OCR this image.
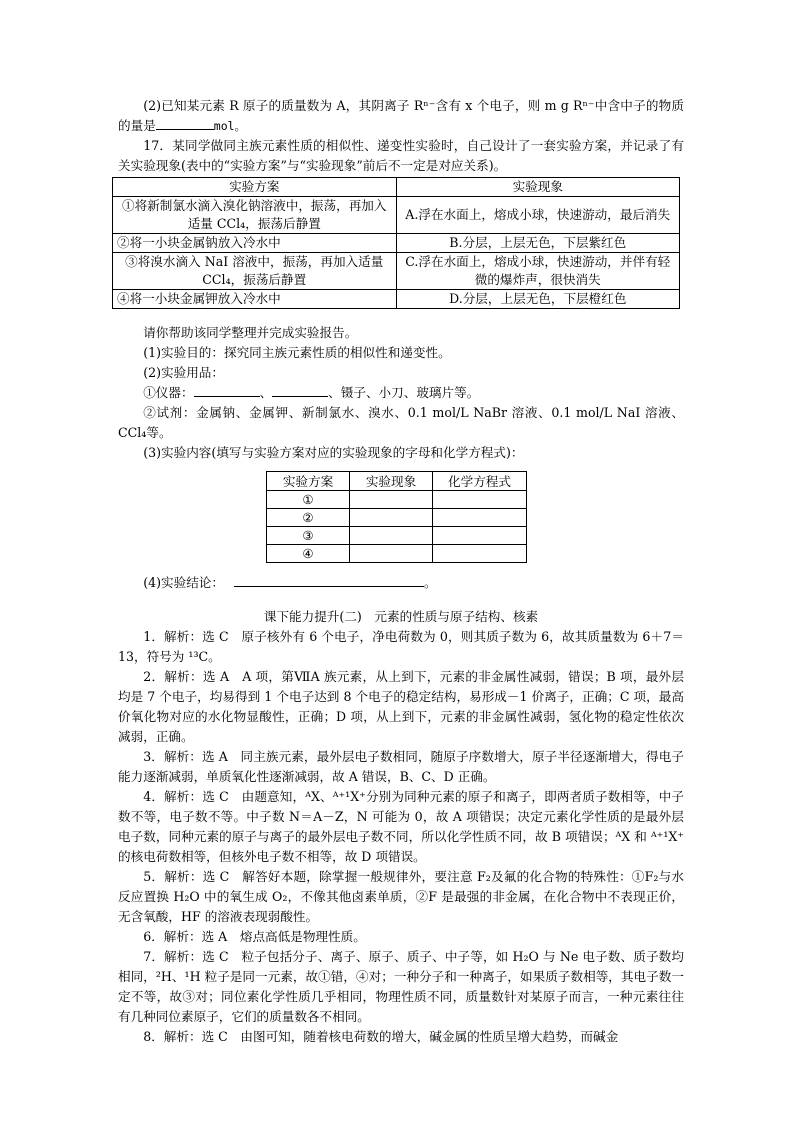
(2)已知某元素 R 原子的质量数为 A，其阴离子 Rⁿ⁻含有 x 个电子，则 m g Rⁿ⁻中含中子的物质的量是	mol。

17．某同学做同主族元素性质的相似性、递变性实验时，自己设计了一套实验方案，并记录了有关实验现象(表中的“实验方案”与“实验现象”前后不一定是对应关系)。

实验方案	实验现象
①将新制氯水滴入溴化钠溶液中，振荡，再加入适量 CCl₄，振荡后静置	A.浮在水面上，熔成小球，快速游动，最后消失
②将一小块金属钠放入冷水中	B.分层，上层无色，下层紫红色
③将溴水滴入 NaI 溶液中，振荡，再加入适量 CCl₄，振荡后静置	C.浮在水面上，熔成小球，快速游动，并伴有轻微的爆炸声，很快消失
④将一小块金属钾放入冷水中	D.分层，上层无色，下层橙红色

请你帮助该同学整理并完成实验报告。

(1)实验目的：探究同主族元素性质的相似性和递变性。

(2)实验用品：

①仪器：	、	、镊子、小刀、玻璃片等。

②试剂：金属钠、金属钾、新制氯水、溴水、0.1 mol/L NaBr 溶液、0.1 mol/L NaI 溶液、CCl₄等。

(3)实验内容(填写与实验方案对应的实验现象的字母和化学方程式)：

实验方案	实验现象	化学方程式
①		
②		
③		
④		

(4)实验结论：	。

课下能力提升(二)　元素的性质与原子结构、核素

1．解析：选 C　原子核外有 6 个电子，净电荷数为 0，则其质子数为 6，故其质量数为 6＋7＝13，符号为 ¹³C。

2．解析：选 A　A 项，第ⅦA 族元素，从上到下，元素的非金属性减弱，错误；B 项，最外层均是 7 个电子，均易得到 1 个电子达到 8 个电子的稳定结构，易形成－1 价离子，正确；C 项，最高价氧化物对应的水化物显酸性，正确；D 项，从上到下，元素的非金属性减弱，氢化物的稳定性依次减弱，正确。

3．解析：选 A　同主族元素，最外层电子数相同，随原子序数增大，原子半径逐渐增大，得电子能力逐渐减弱，单质氧化性逐渐减弱，故 A 错误，B、C、D 正确。

4．解析：选 C　由题意知，ᴬX、ᴬ⁺¹X⁺分别为同种元素的原子和离子，即两者质子数相等，中子数不等，电子数不等。中子数 N＝A－Z，N 可能为 0，故 A 项错误；决定元素化学性质的是最外层电子数，同种元素的原子与离子的最外层电子数不同，所以化学性质不同，故 B 项错误；ᴬX 和 ᴬ⁺¹X⁺的核电荷数相等，但核外电子数不相等，故 D 项错误。

5．解析：选 C　解答好本题，除掌握一般规律外，要注意 F₂及氟的化合物的特殊性：①F₂与水反应置换 H₂O 中的氧生成 O₂，不像其他卤素单质，②F 是最强的非金属，在化合物中不表现正价，无含氧酸，HF 的溶液表现弱酸性。

6．解析：选 A　熔点高低是物理性质。

7．解析：选 C　粒子包括分子、离子、原子、质子、中子等，如 H₂O 与 Ne 电子数、质子数均相同，²H、¹H 粒子是同一元素，故①错，④对；一种分子和一种离子，如果质子数相等，其电子数一定不等，故③对；同位素化学性质几乎相同，物理性质不同，质量数针对某原子而言，一种元素往往有几种同位素原子，它们的质量数各不相同。

8．解析：选 C　由图可知，随着核电荷数的增大，碱金属的性质呈增大趋势，而碱金
